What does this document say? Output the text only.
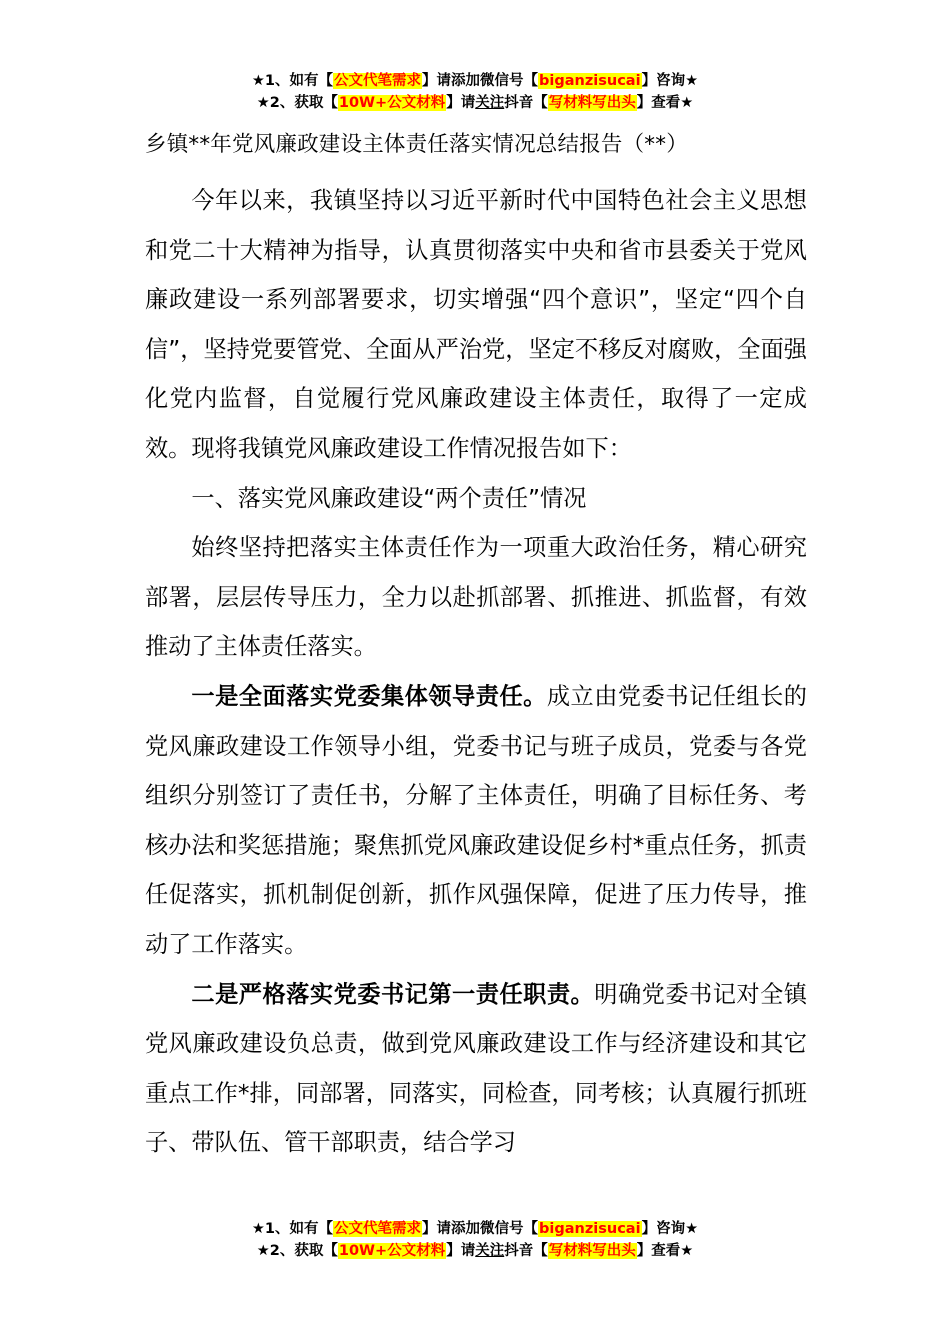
★1、如有【公文代笔需求】请添加微信号【biganzisucai】咨询★
★2、获取【10W+公文材料】请关注抖音【写材料写出头】查看★
乡镇**年党风廉政建设主体责任落实情况总结报告（**）

今年以来，我镇坚持以习近平新时代中国特色社会主义思想和党二十大精神为指导，认真贯彻落实中央和省市县委关于党风廉政建设一系列部署要求，切实增强“四个意识”，坚定“四个自信”，坚持党要管党、全面从严治党，坚定不移反对腐败，全面强化党内监督，自觉履行党风廉政建设主体责任，取得了一定成效。现将我镇党风廉政建设工作情况报告如下：

一、落实党风廉政建设“两个责任”情况

始终坚持把落实主体责任作为一项重大政治任务，精心研究部署，层层传导压力，全力以赴抓部署、抓推进、抓监督，有效推动了主体责任落实。

一是全面落实党委集体领导责任。成立由党委书记任组长的党风廉政建设工作领导小组，党委书记与班子成员，党委与各党组织分别签订了责任书，分解了主体责任，明确了目标任务、考核办法和奖惩措施；聚焦抓党风廉政建设促乡村*重点任务，抓责任促落实，抓机制促创新，抓作风强保障，促进了压力传导，推动了工作落实。

二是严格落实党委书记第一责任职责。明确党委书记对全镇党风廉政建设负总责，做到党风廉政建设工作与经济建设和其它重点工作*排，同部署，同落实，同检查，同考核；认真履行抓班子、带队伍、管干部职责，结合学习

★1、如有【公文代笔需求】请添加微信号【biganzisucai】咨询★
★2、获取【10W+公文材料】请关注抖音【写材料写出头】查看★
